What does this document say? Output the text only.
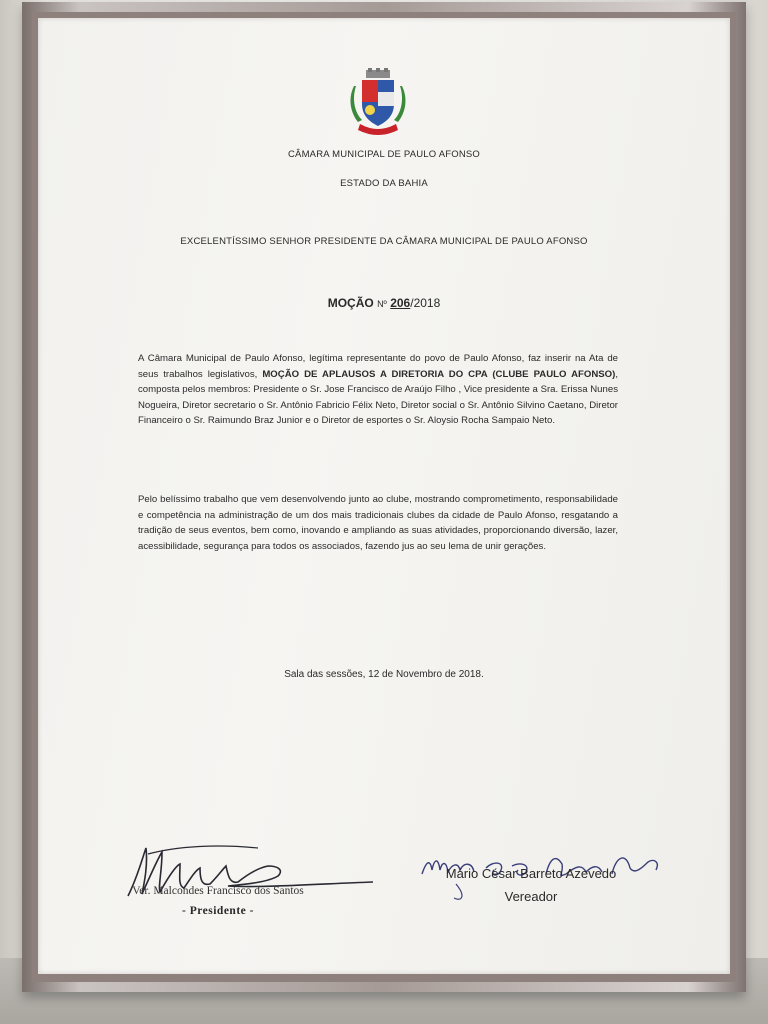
CÂMARA MUNICIPAL DE PAULO AFONSO
ESTADO DA BAHIA
EXCELENTÍSSIMO SENHOR PRESIDENTE DA CÂMARA MUNICIPAL DE PAULO AFONSO
MOÇÃO Nº 206/2018
A Câmara Municipal de Paulo Afonso, legítima representante do povo de Paulo Afonso, faz inserir na Ata de seus trabalhos legislativos, MOÇÃO DE APLAUSOS A DIRETORIA DO CPA (CLUBE PAULO AFONSO), composta pelos membros: Presidente o Sr. Jose Francisco de Araújo Filho , Vice presidente a Sra. Erissa Nunes Nogueira, Diretor secretario o Sr. Antônio Fabricio Félix Neto, Diretor social o Sr. Antônio Silvino Caetano, Diretor Financeiro o Sr. Raimundo Braz Junior e o Diretor de esportes o Sr. Aloysio Rocha Sampaio Neto.
Pelo belíssimo trabalho que vem desenvolvendo junto ao clube, mostrando comprometimento, responsabilidade e competência na administração de um dos mais tradicionais clubes da cidade de Paulo Afonso, resgatando a tradição de seus eventos, bem como, inovando e ampliando as suas atividades, proporcionando diversão, lazer, acessibilidade, segurança para todos os associados, fazendo jus ao seu lema de unir gerações.
Sala das sessões, 12 de Novembro de 2018.
Ver. Malcondes Francisco dos Santos
- Presidente -
Mário César Barreto Azevedo
Vereador
